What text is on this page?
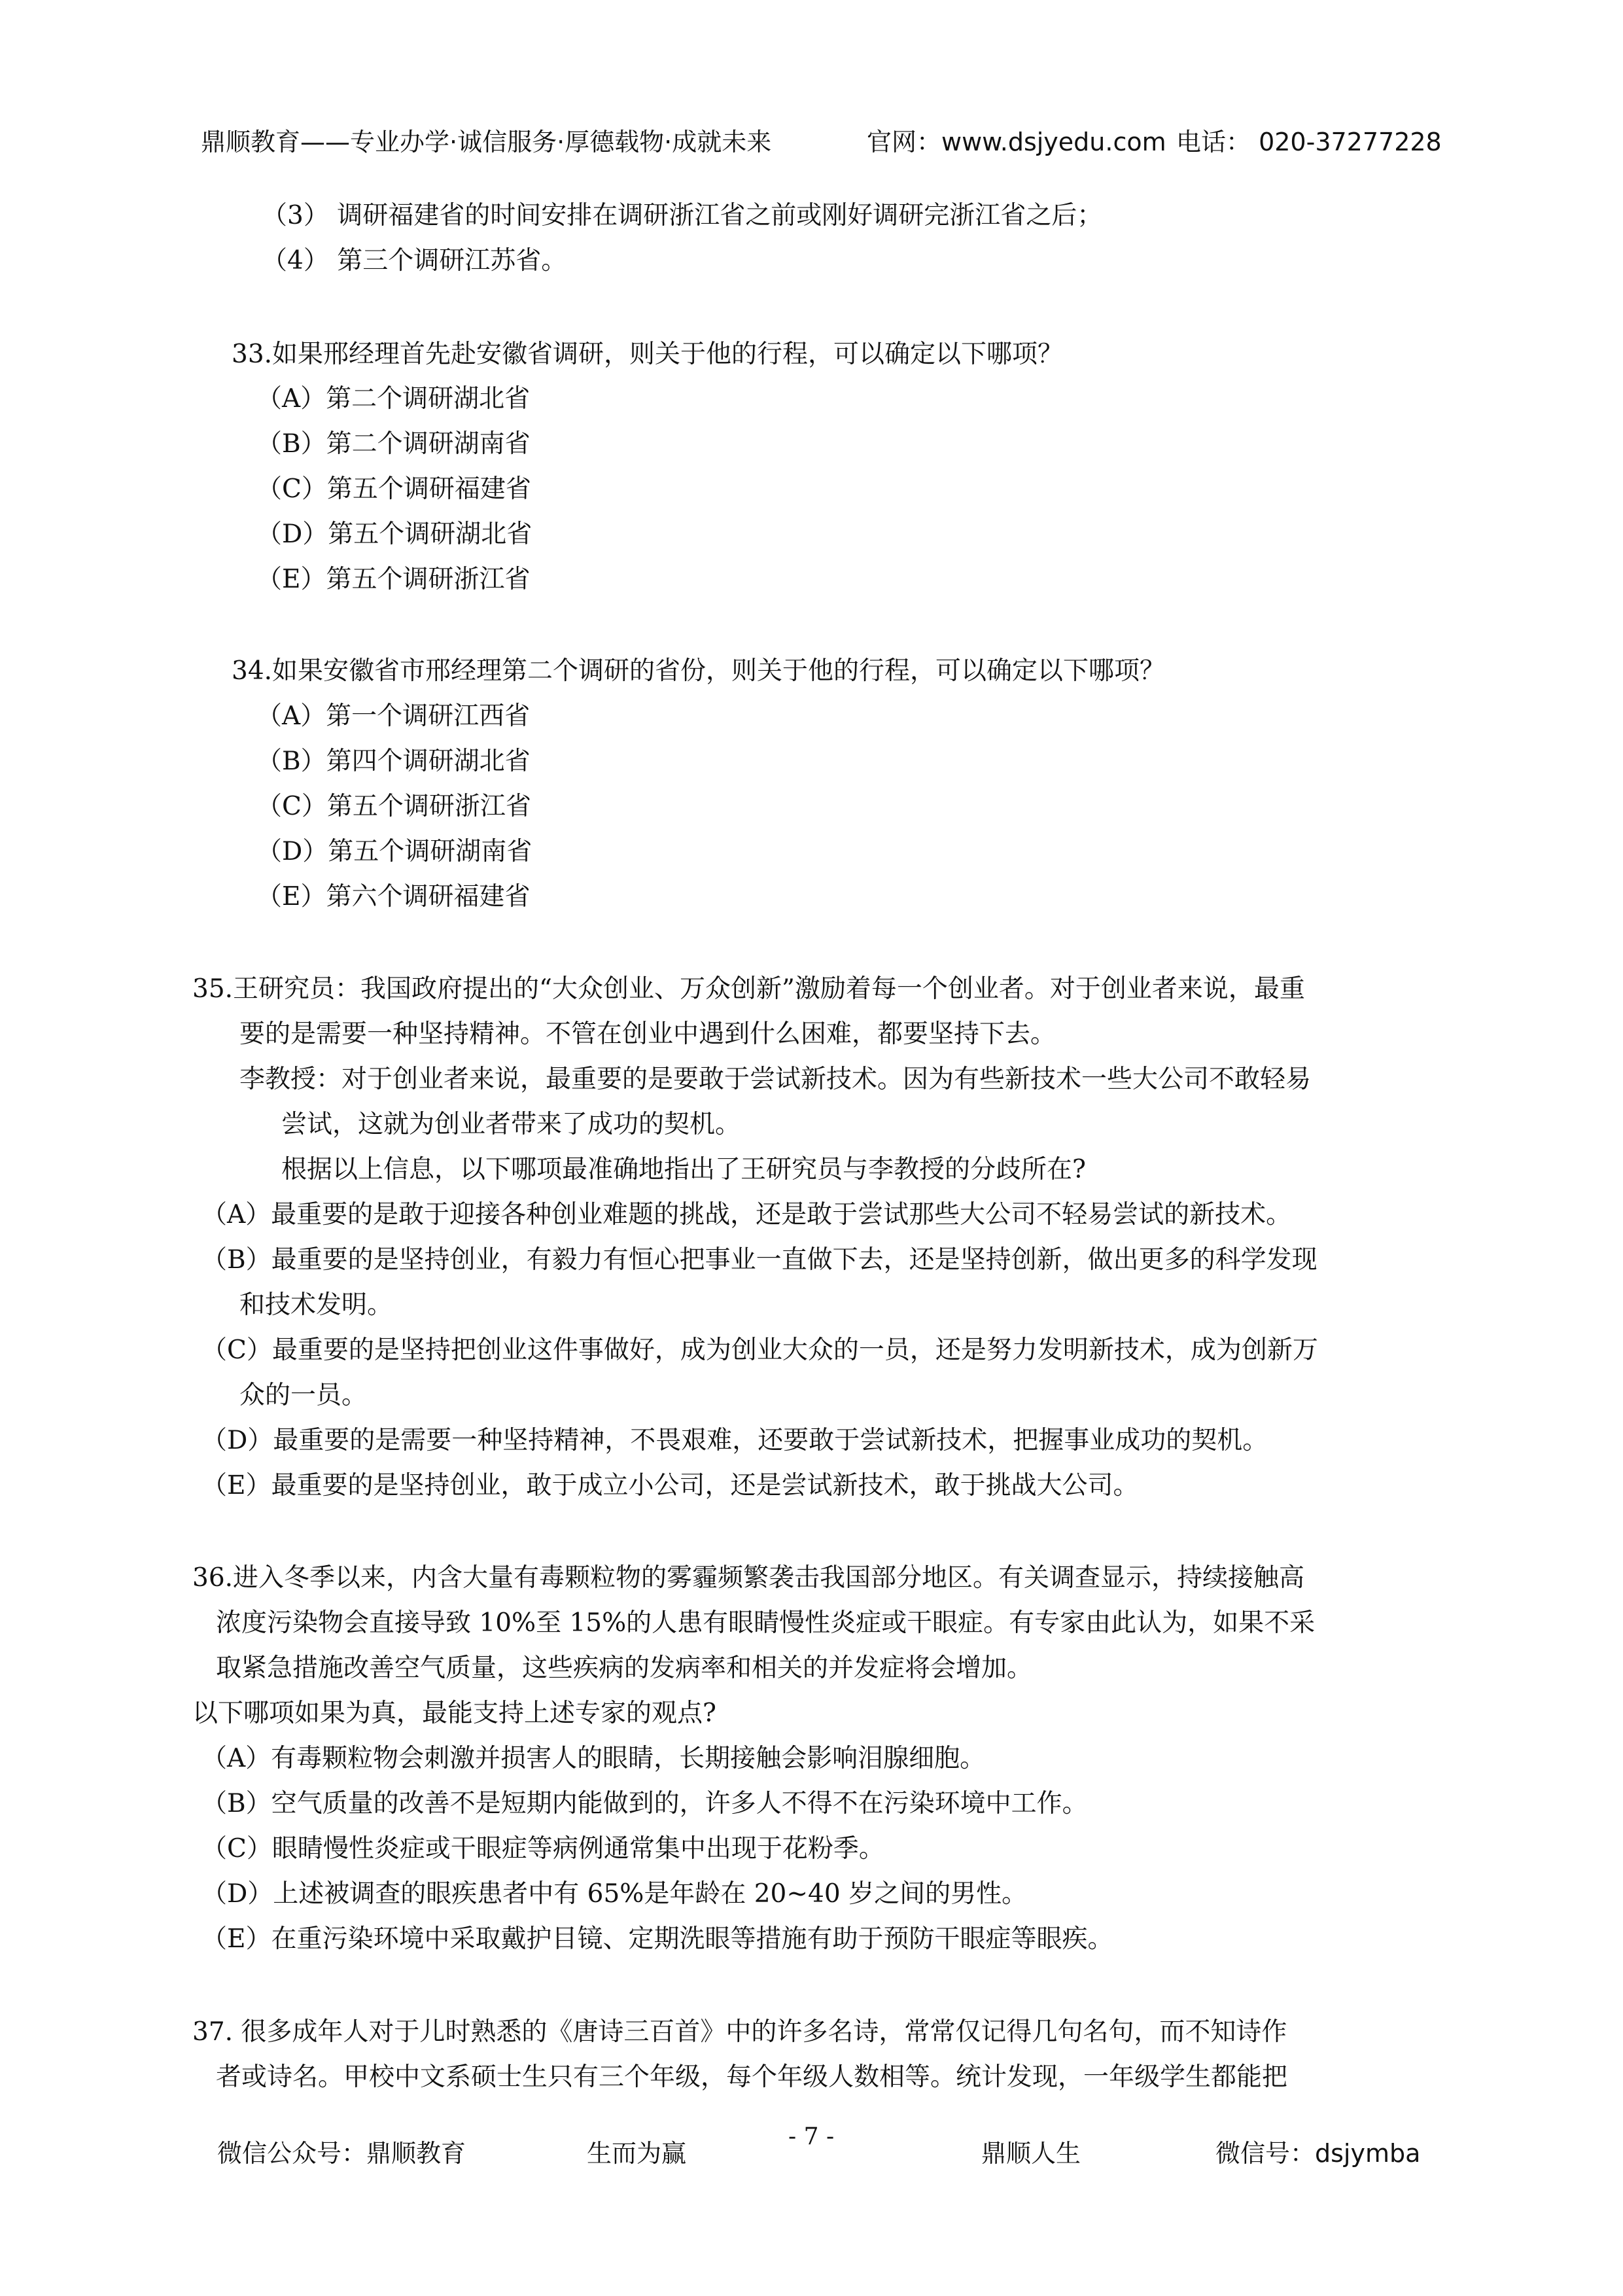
鼎顺教育——专业办学·诚信服务·厚德载物·成就未来	官网：www.dsjyedu.com 电话： 020-37277228
（3） 调研福建省的时间安排在调研浙江省之前或刚好调研完浙江省之后；
（4） 第三个调研江苏省。
33.如果邢经理首先赴安徽省调研，则关于他的行程，可以确定以下哪项？
（A）第二个调研湖北省
（B）第二个调研湖南省
（C）第五个调研福建省
（D）第五个调研湖北省
（E）第五个调研浙江省
34.如果安徽省市邢经理第二个调研的省份，则关于他的行程，可以确定以下哪项？
（A）第一个调研江西省
（B）第四个调研湖北省
（C）第五个调研浙江省
（D）第五个调研湖南省
（E）第六个调研福建省
35.王研究员：我国政府提出的“大众创业、万众创新”激励着每一个创业者。对于创业者来说，最重
要的是需要一种坚持精神。不管在创业中遇到什么困难，都要坚持下去。
李教授：对于创业者来说，最重要的是要敢于尝试新技术。因为有些新技术一些大公司不敢轻易
尝试，这就为创业者带来了成功的契机。
根据以上信息，以下哪项最准确地指出了王研究员与李教授的分歧所在?
（A）最重要的是敢于迎接各种创业难题的挑战，还是敢于尝试那些大公司不轻易尝试的新技术。
（B）最重要的是坚持创业，有毅力有恒心把事业一直做下去，还是坚持创新，做出更多的科学发现
和技术发明。
（C）最重要的是坚持把创业这件事做好，成为创业大众的一员，还是努力发明新技术，成为创新万
众的一员。
（D）最重要的是需要一种坚持精神，不畏艰难，还要敢于尝试新技术，把握事业成功的契机。
（E）最重要的是坚持创业，敢于成立小公司，还是尝试新技术，敢于挑战大公司。
36.进入冬季以来，内含大量有毒颗粒物的雾霾频繁袭击我国部分地区。有关调查显示，持续接触高
浓度污染物会直接导致 10%至 15%的人患有眼睛慢性炎症或干眼症。有专家由此认为，如果不采
取紧急措施改善空气质量，这些疾病的发病率和相关的并发症将会增加。
以下哪项如果为真，最能支持上述专家的观点?
（A）有毒颗粒物会刺激并损害人的眼睛，长期接触会影响泪腺细胞。
（B）空气质量的改善不是短期内能做到的，许多人不得不在污染环境中工作。
（C）眼睛慢性炎症或干眼症等病例通常集中出现于花粉季。
（D）上述被调查的眼疾患者中有 65%是年龄在 20~40 岁之间的男性。
（E）在重污染环境中采取戴护目镜、定期洗眼等措施有助于预防干眼症等眼疾。
37. 很多成年人对于儿时熟悉的《唐诗三百首》中的许多名诗，常常仅记得几句名句，而不知诗作
者或诗名。甲校中文系硕士生只有三个年级，每个年级人数相等。统计发现，一年级学生都能把
微信公众号：鼎顺教育	生而为赢
- 7 -
鼎顺人生	微信号：dsjymba
